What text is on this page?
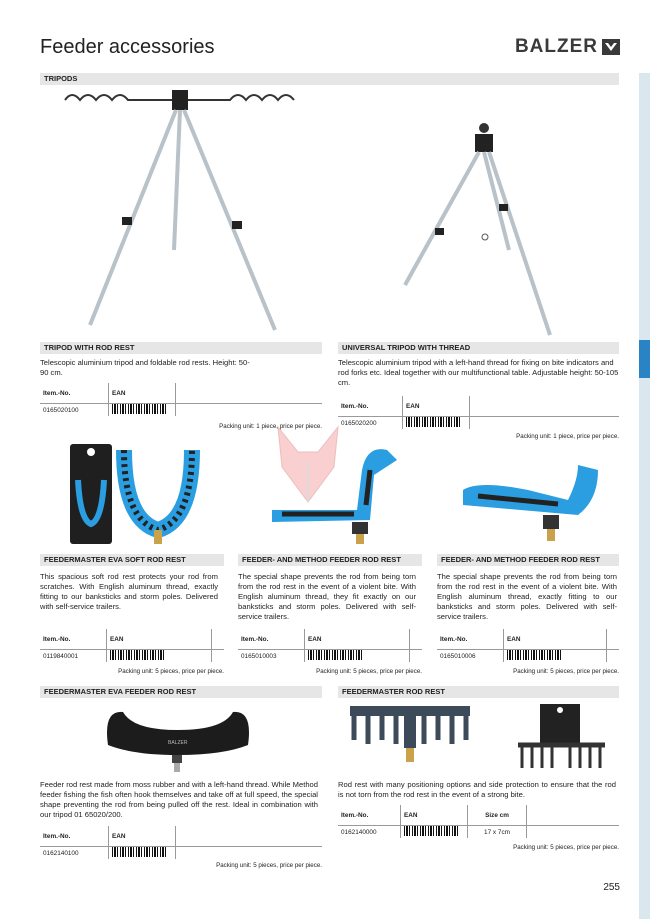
Feeder accessories	BALZER
TRIPODS
TRIPOD WITH ROD REST
Telescopic aluminium tripod and foldable rod rests. Height: 50-90 cm.
Item.-No.	EAN	
0165020100		
Packing unit: 1 piece, price per piece.
UNIVERSAL TRIPOD WITH THREAD
Telescopic aluminium tripod with a left-hand thread for fixing on bite indicators and rod forks etc. Ideal together with our multifunctional table. Adjustable height: 50-105 cm.
Item.-No.	EAN	
0165020200		
Packing unit: 1 piece, price per piece.
FEEDERMASTER EVA SOFT ROD REST	FEEDER- AND METHOD FEEDER ROD REST	FEEDER- AND METHOD FEEDER ROD REST
This spacious soft rod rest protects your rod from scratches. With English aluminum thread, exactly fitting to our banksticks and storm poles. Delivered with self-service trailers.
The special shape prevents the rod from being torn from the rod rest in the event of a violent bite. With English aluminum thread, they fit exactly on our banksticks and storm poles. Delivered with self-service trailers.
The special shape prevents the rod from being torn from the rod rest in the event of a violent bite. With English aluminum thread, exactly fitting to our banksticks and storm poles. Delivered with self-service trailers.
Item.-No.	EAN	
0119840001		
Item.-No.	EAN	
0165010003		
Item.-No.	EAN	
0165010006		
Packing unit: 5 pieces, price per piece.	Packing unit: 5 pieces, price per piece.	Packing unit: 5 pieces, price per piece.
FEEDERMASTER EVA FEEDER ROD REST	FEEDERMASTER ROD REST
BALZER
Feeder rod rest made from moss rubber and with a left-hand thread. While Method feeder fishing the fish often hook themselves and take off at full speed, the special shape preventing the rod from being pulled off the rest. Ideal in combination with our tripod 01 65020/200.
Rod rest with many positioning options and side protection to ensure that the rod is not torn from the rod rest in the event of a strong bite.
Item.-No.	EAN	
0162140100		
Packing unit: 5 pieces, price per piece.
Item.-No.	EAN	Size cm	
0162140000		17 x 7cm	
Packing unit: 5 pieces, price per piece.
255
